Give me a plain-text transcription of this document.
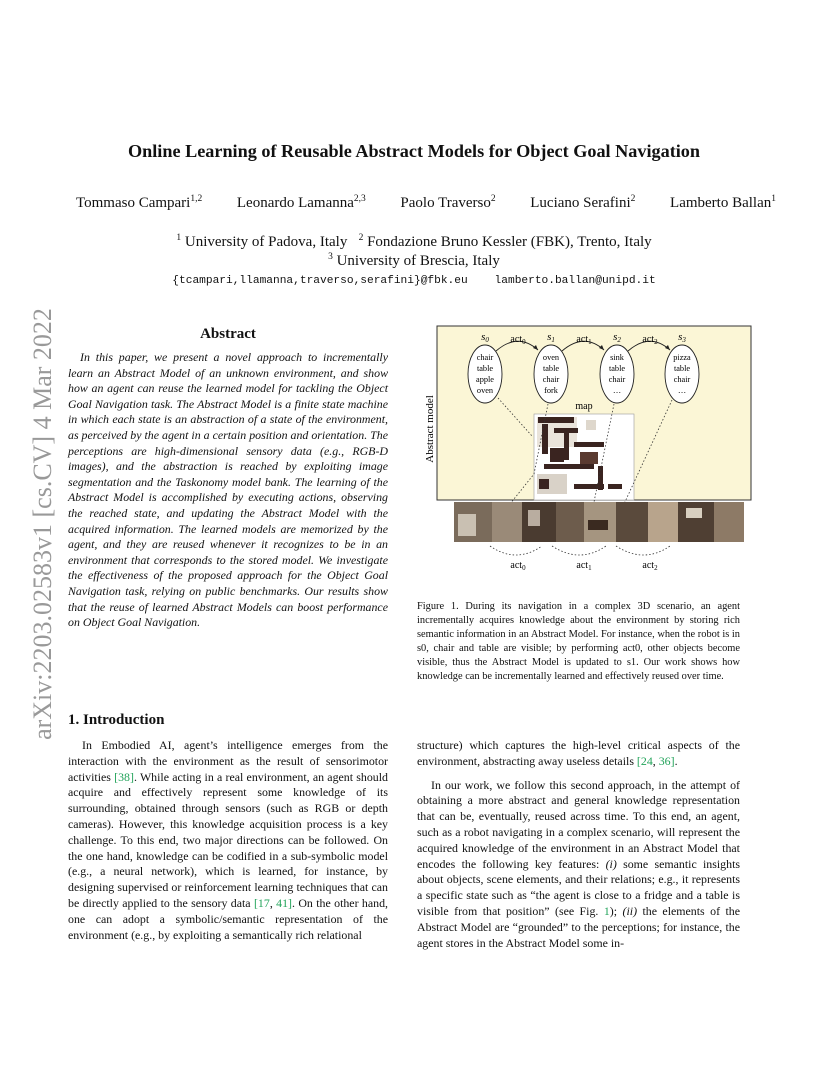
arXiv:2203.02583v1 [cs.CV] 4 Mar 2022
Online Learning of Reusable Abstract Models for Object Goal Navigation
Tommaso Campari$^{1,2}$ Leonardo Lamanna$^{2,3}$ Paolo Traverso$^2$ Luciano Serafini$^2$ Lamberto Ballan$^1$
$^1$ University of Padova, Italy $^2$ Fondazione Bruno Kessler (FBK), Trento, Italy
$^3$ University of Brescia, Italy
{tcampari,llamanna,traverso,serafini}@fbk.eu    lamberto.ballan@unipd.it
Abstract

In this paper, we present a novel approach to incrementally learn an Abstract Model of an unknown environment, and show how an agent can reuse the learned model for tackling the Object Goal Navigation task. The Abstract Model is a finite state machine in which each state is an abstraction of a state of the environment, as perceived by the agent in a certain position and orientation. The perceptions are high-dimensional sensory data (e.g., RGB-D images), and the abstraction is reached by exploiting image segmentation and the Taskonomy model bank. The learning of the Abstract Model is accomplished by executing actions, observing the reached state, and updating the Abstract Model with the acquired information. The learned models are memorized by the agent, and they are reused whenever it recognizes to be in an environment that corresponds to the stored model. We investigate the effectiveness of the proposed approach for the Object Goal Navigation task, relying on public benchmarks. Our results show that the reuse of learned Abstract Models can boost performance on Object Goal Navigation.

Abstract model
s0
chair
table
apple
oven
s1
oven
table
chair
fork
s2
sink
table
chair
…
s3
pizza
table
chair
…
act$_0$	act$_1$	act$_2$
map
act$_0$	act$_1$	act$_2$
Figure 1. During its navigation in a complex 3D scenario, an agent incrementally acquires knowledge about the environment by storing rich semantic information in an Abstract Model. For instance, when the robot is in s0, chair and table are visible; by performing act0, other objects become visible, thus the Abstract Model is updated to s1. Our work shows how knowledge can be incrementally learned and effectively reused over time.
1. Introduction

In Embodied AI, agent’s intelligence emerges from the interaction with the environment as the result of sensorimotor activities [38]. While acting in a real environment, an agent should acquire and effectively represent some knowledge of its surrounding, obtained through sensors (such as RGB or depth cameras). However, this knowledge acquisition process is a key challenge. To this end, two major directions can be followed. On the one hand, knowledge can be codified in a sub-symbolic model (e.g., a neural network), which is learned, for instance, by designing supervised or reinforcement learning techniques that can be directly applied to the sensory data [17, 41]. On the other hand, one can adopt a symbolic/semantic representation of the environment (e.g., by exploiting a semantically rich relational

structure) which captures the high-level critical aspects of the environment, abstracting away useless details [24, 36].

In our work, we follow this second approach, in the attempt of obtaining a more abstract and general knowledge representation that can be, eventually, reused across time. To this end, an agent, such as a robot navigating in a complex scenario, will represent the acquired knowledge of the environment in an Abstract Model that encodes the following key features: (i) some semantic insights about objects, scene elements, and their relations; e.g., it represents a specific state such as “the agent is close to a fridge and a table is visible from that position” (see Fig. 1); (ii) the elements of the Abstract Model are “grounded” to the perceptions; for instance, the agent stores in the Abstract Model some in-
